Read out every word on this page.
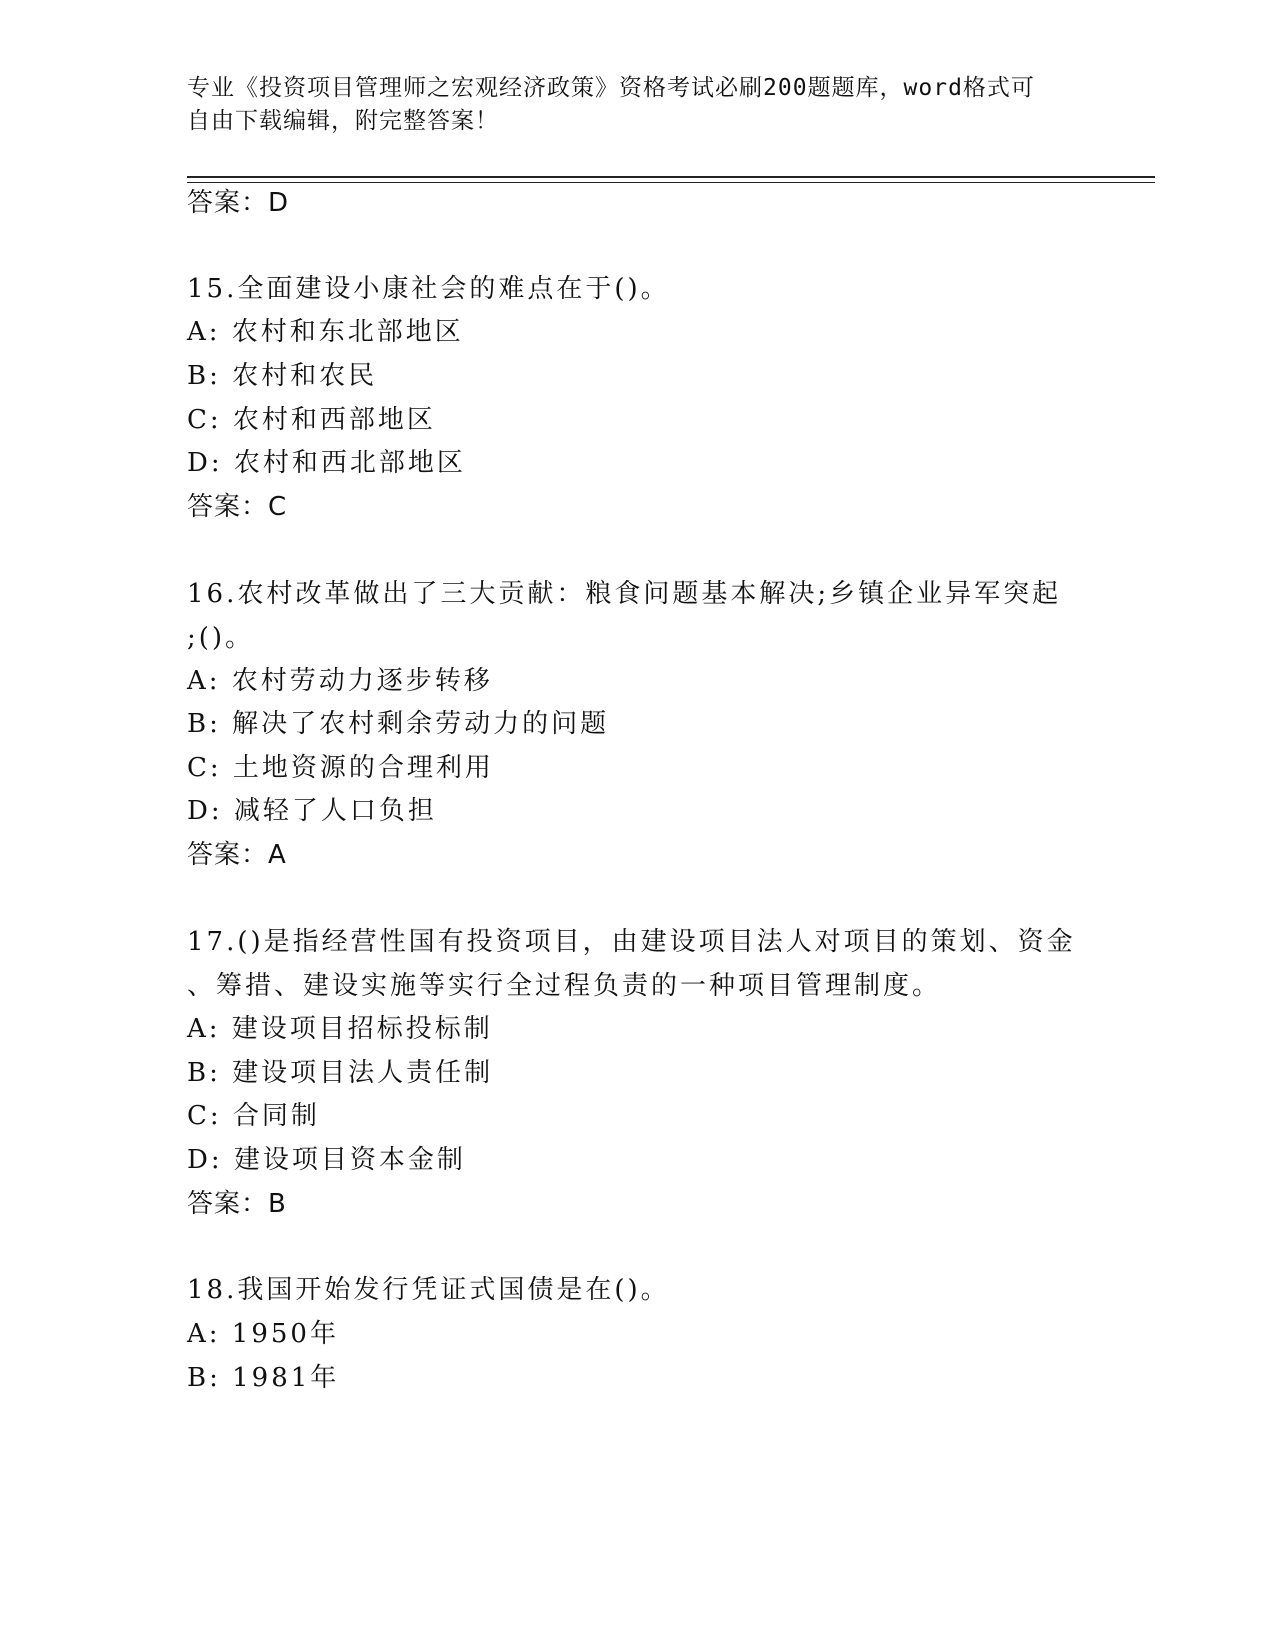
专业《投资项目管理师之宏观经济政策》资格考试必刷200题题库，word格式可
自由下载编辑，附完整答案！
答案：D
15.全面建设小康社会的难点在于()。
A: 农村和东北部地区
B: 农村和农民
C: 农村和西部地区
D: 农村和西北部地区
答案：C
16.农村改革做出了三大贡献：粮食问题基本解决;乡镇企业异军突起
;()。
A: 农村劳动力逐步转移
B: 解决了农村剩余劳动力的问题
C: 土地资源的合理利用
D: 减轻了人口负担
答案：A
17.()是指经营性国有投资项目，由建设项目法人对项目的策划、资金
、筹措、建设实施等实行全过程负责的一种项目管理制度。
A: 建设项目招标投标制
B: 建设项目法人责任制
C: 合同制
D: 建设项目资本金制
答案：B
18.我国开始发行凭证式国债是在()。
A: 1950年
B: 1981年
